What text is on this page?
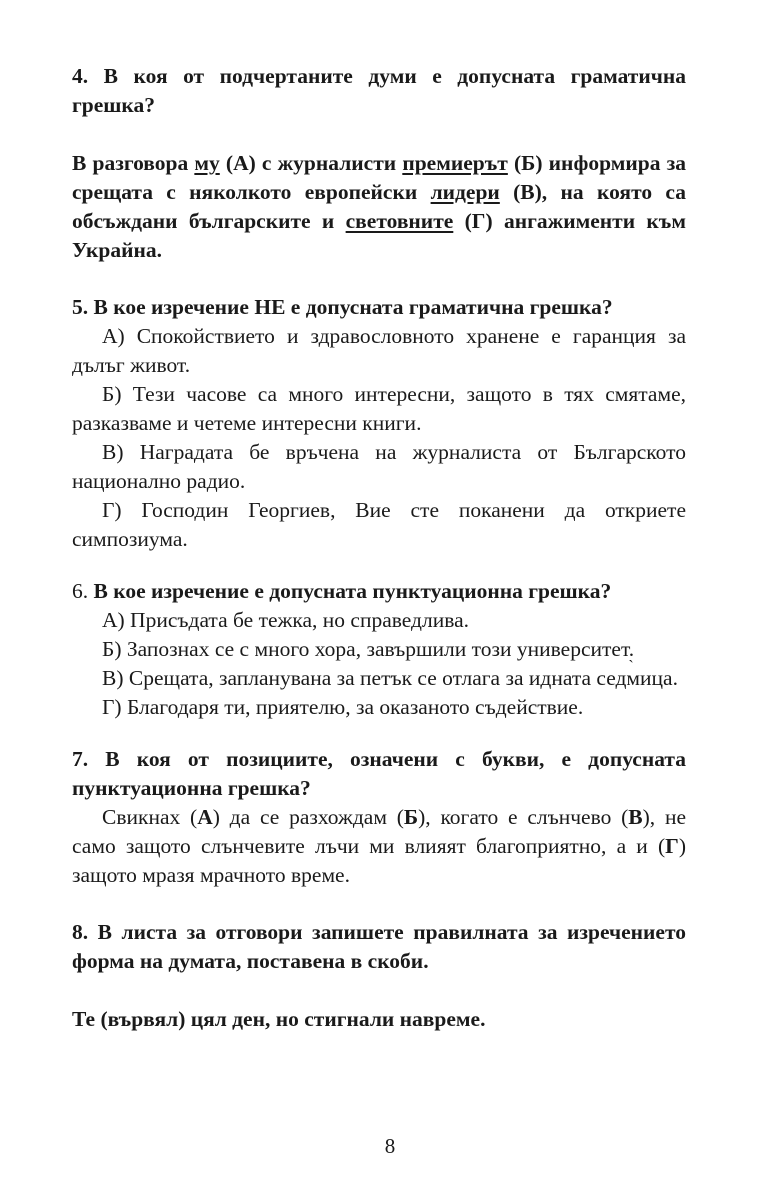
4. В коя от подчертаните думи е допусната граматична грешка?
В разговора му (А) с журналисти премиерът (Б) информира за срещата с няколкото европейски лидери (В), на която са обсъждани българските и световните (Г) ангажименти към Украйна.
5. В кое изречение НЕ е допусната граматична грешка?
А) Спокойствието и здравословното хранене е гаранция за дълъг живот.
Б) Тези часове са много интересни, защото в тях смятаме, разказваме и четеме интересни книги.
В) Наградата бе връчена на журналиста от Българското национално радио.
Г) Господин Георгиев, Вие сте поканени да откриете симпозиума.
6. В кое изречение е допусната пунктуационна грешка?
А) Присъдата бе тежка, но справедлива.
Б) Запознах се с много хора, завършили този университет.
В) Срещата, запланувана за петък се отлага за идната ` седмица.
Г) Благодаря ти, приятелю, за оказаното съдействие.
7. В коя от позициите, означени с букви, е допусната пунктуационна грешка?
Свикнах (А) да се разхождам (Б), когато е слънчево (В), не само защото слънчевите лъчи ми влияят благоприятно, а и (Г) защото мразя мрачното време.
8. В листа за отговори запишете правилната за изречението форма на думата, поставена в скоби.
Те (вървял) цял ден, но стигнали навреме.
8
